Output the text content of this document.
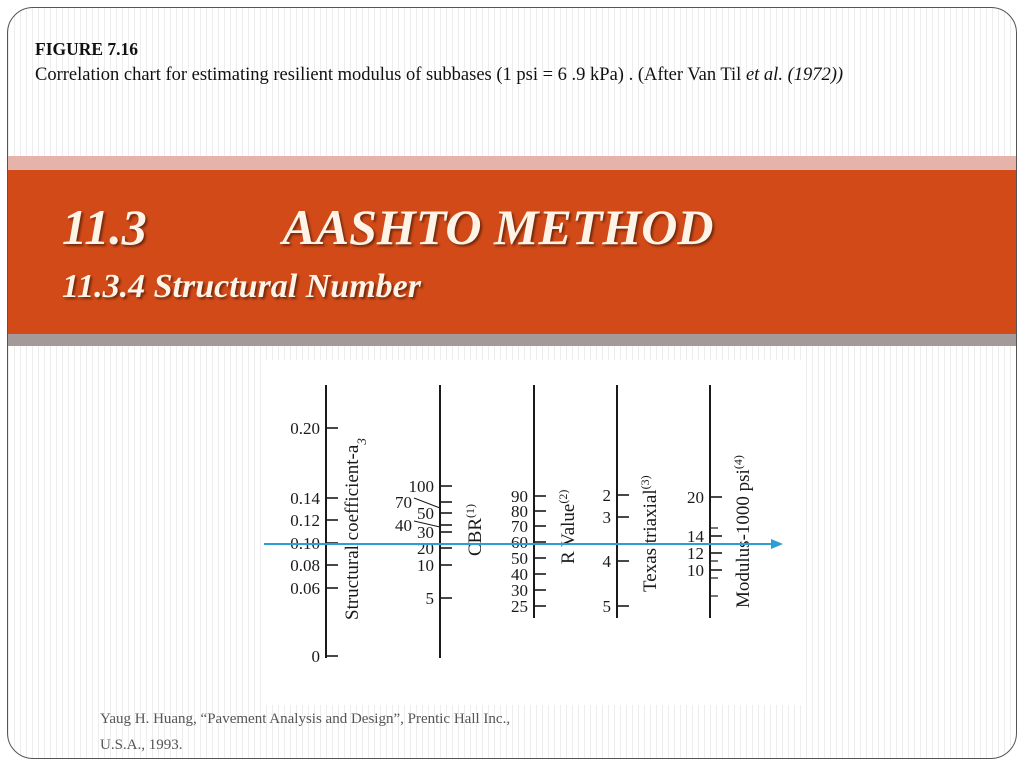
FIGURE 7.16
Correlation chart for estimating resilient modulus of subbases (1 psi = 6 .9 kPa) . (After Van Til et al. (1972))
11.3           AASHTO METHOD
11.3.4 Structural Number
0.20
0.14
0.12
0.10
0.08
0.06
0
Structural coefficient-$a_3$
100
70
50
40 30
20
10
5
CBR$^{(1)}$
90
80
70
60
50
40
30
25
R Value$^{(2)}$	2
3
4
5
Texas triaxial$^{(3)}$
20
14
12
10 Modulus-1000 psi$^{(4)}$
Yaug H. Huang, “Pavement Analysis and Design”, Prentic Hall Inc.,
U.S.A., 1993.
